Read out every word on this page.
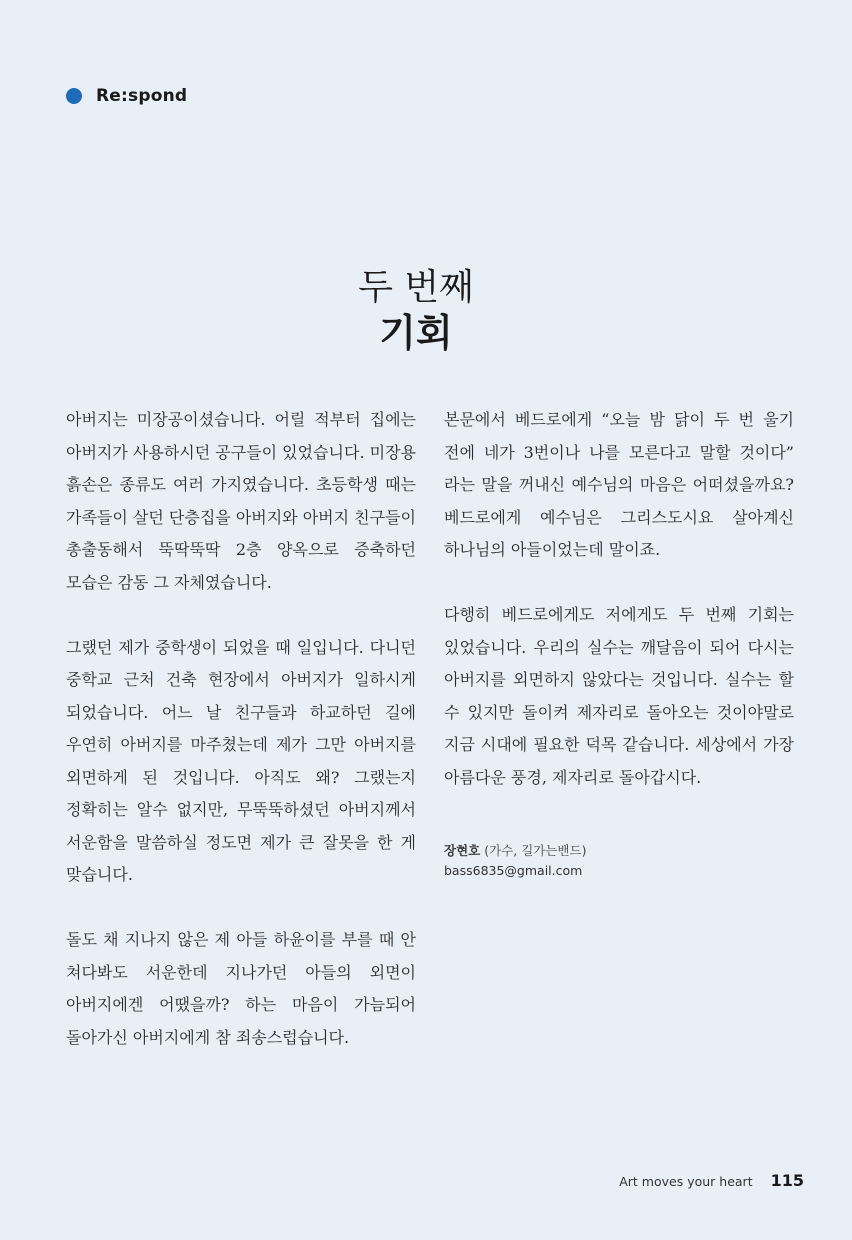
Re:spond
두 번째
기회

아버지는 미장공이셨습니다. 어릴 적부터 집에는 아버지가 사용하시던 공구들이 있었습니다. 미장용 흙손은 종류도 여러 가지였습니다. 초등학생 때는 가족들이 살던 단층집을 아버지와 아버지 친구들이 총출동해서 뚝딱뚝딱 2층 양옥으로 증축하던 모습은 감동 그 자체였습니다.

그랬던 제가 중학생이 되었을 때 일입니다. 다니던 중학교 근처 건축 현장에서 아버지가 일하시게 되었습니다. 어느 날 친구들과 하교하던 길에 우연히 아버지를 마주쳤는데 제가 그만 아버지를 외면하게 된 것입니다. 아직도 왜? 그랬는지 정확히는 알수 없지만, 무뚝뚝하셨던 아버지께서 서운함을 말씀하실 정도면 제가 큰 잘못을 한 게 맞습니다.

돌도 채 지나지 않은 제 아들 하윤이를 부를 때 안 쳐다봐도 서운한데 지나가던 아들의 외면이 아버지에겐 어땠을까? 하는 마음이 가늠되어 돌아가신 아버지에게 참 죄송스럽습니다.

본문에서 베드로에게 “오늘 밤 닭이 두 번 울기 전에 네가 3번이나 나를 모른다고 말할 것이다” 라는 말을 꺼내신 예수님의 마음은 어떠셨을까요? 베드로에게 예수님은 그리스도시요 살아계신 하나님의 아들이었는데 말이죠.

다행히 베드로에게도 저에게도 두 번째 기회는 있었습니다. 우리의 실수는 깨달음이 되어 다시는 아버지를 외면하지 않았다는 것입니다. 실수는 할 수 있지만 돌이켜 제자리로 돌아오는 것이야말로 지금 시대에 필요한 덕목 같습니다. 세상에서 가장 아름다운 풍경, 제자리로 돌아갑시다.

장현호 (가수, 길가는밴드)
bass6835@gmail.com
Art moves your heart 115
